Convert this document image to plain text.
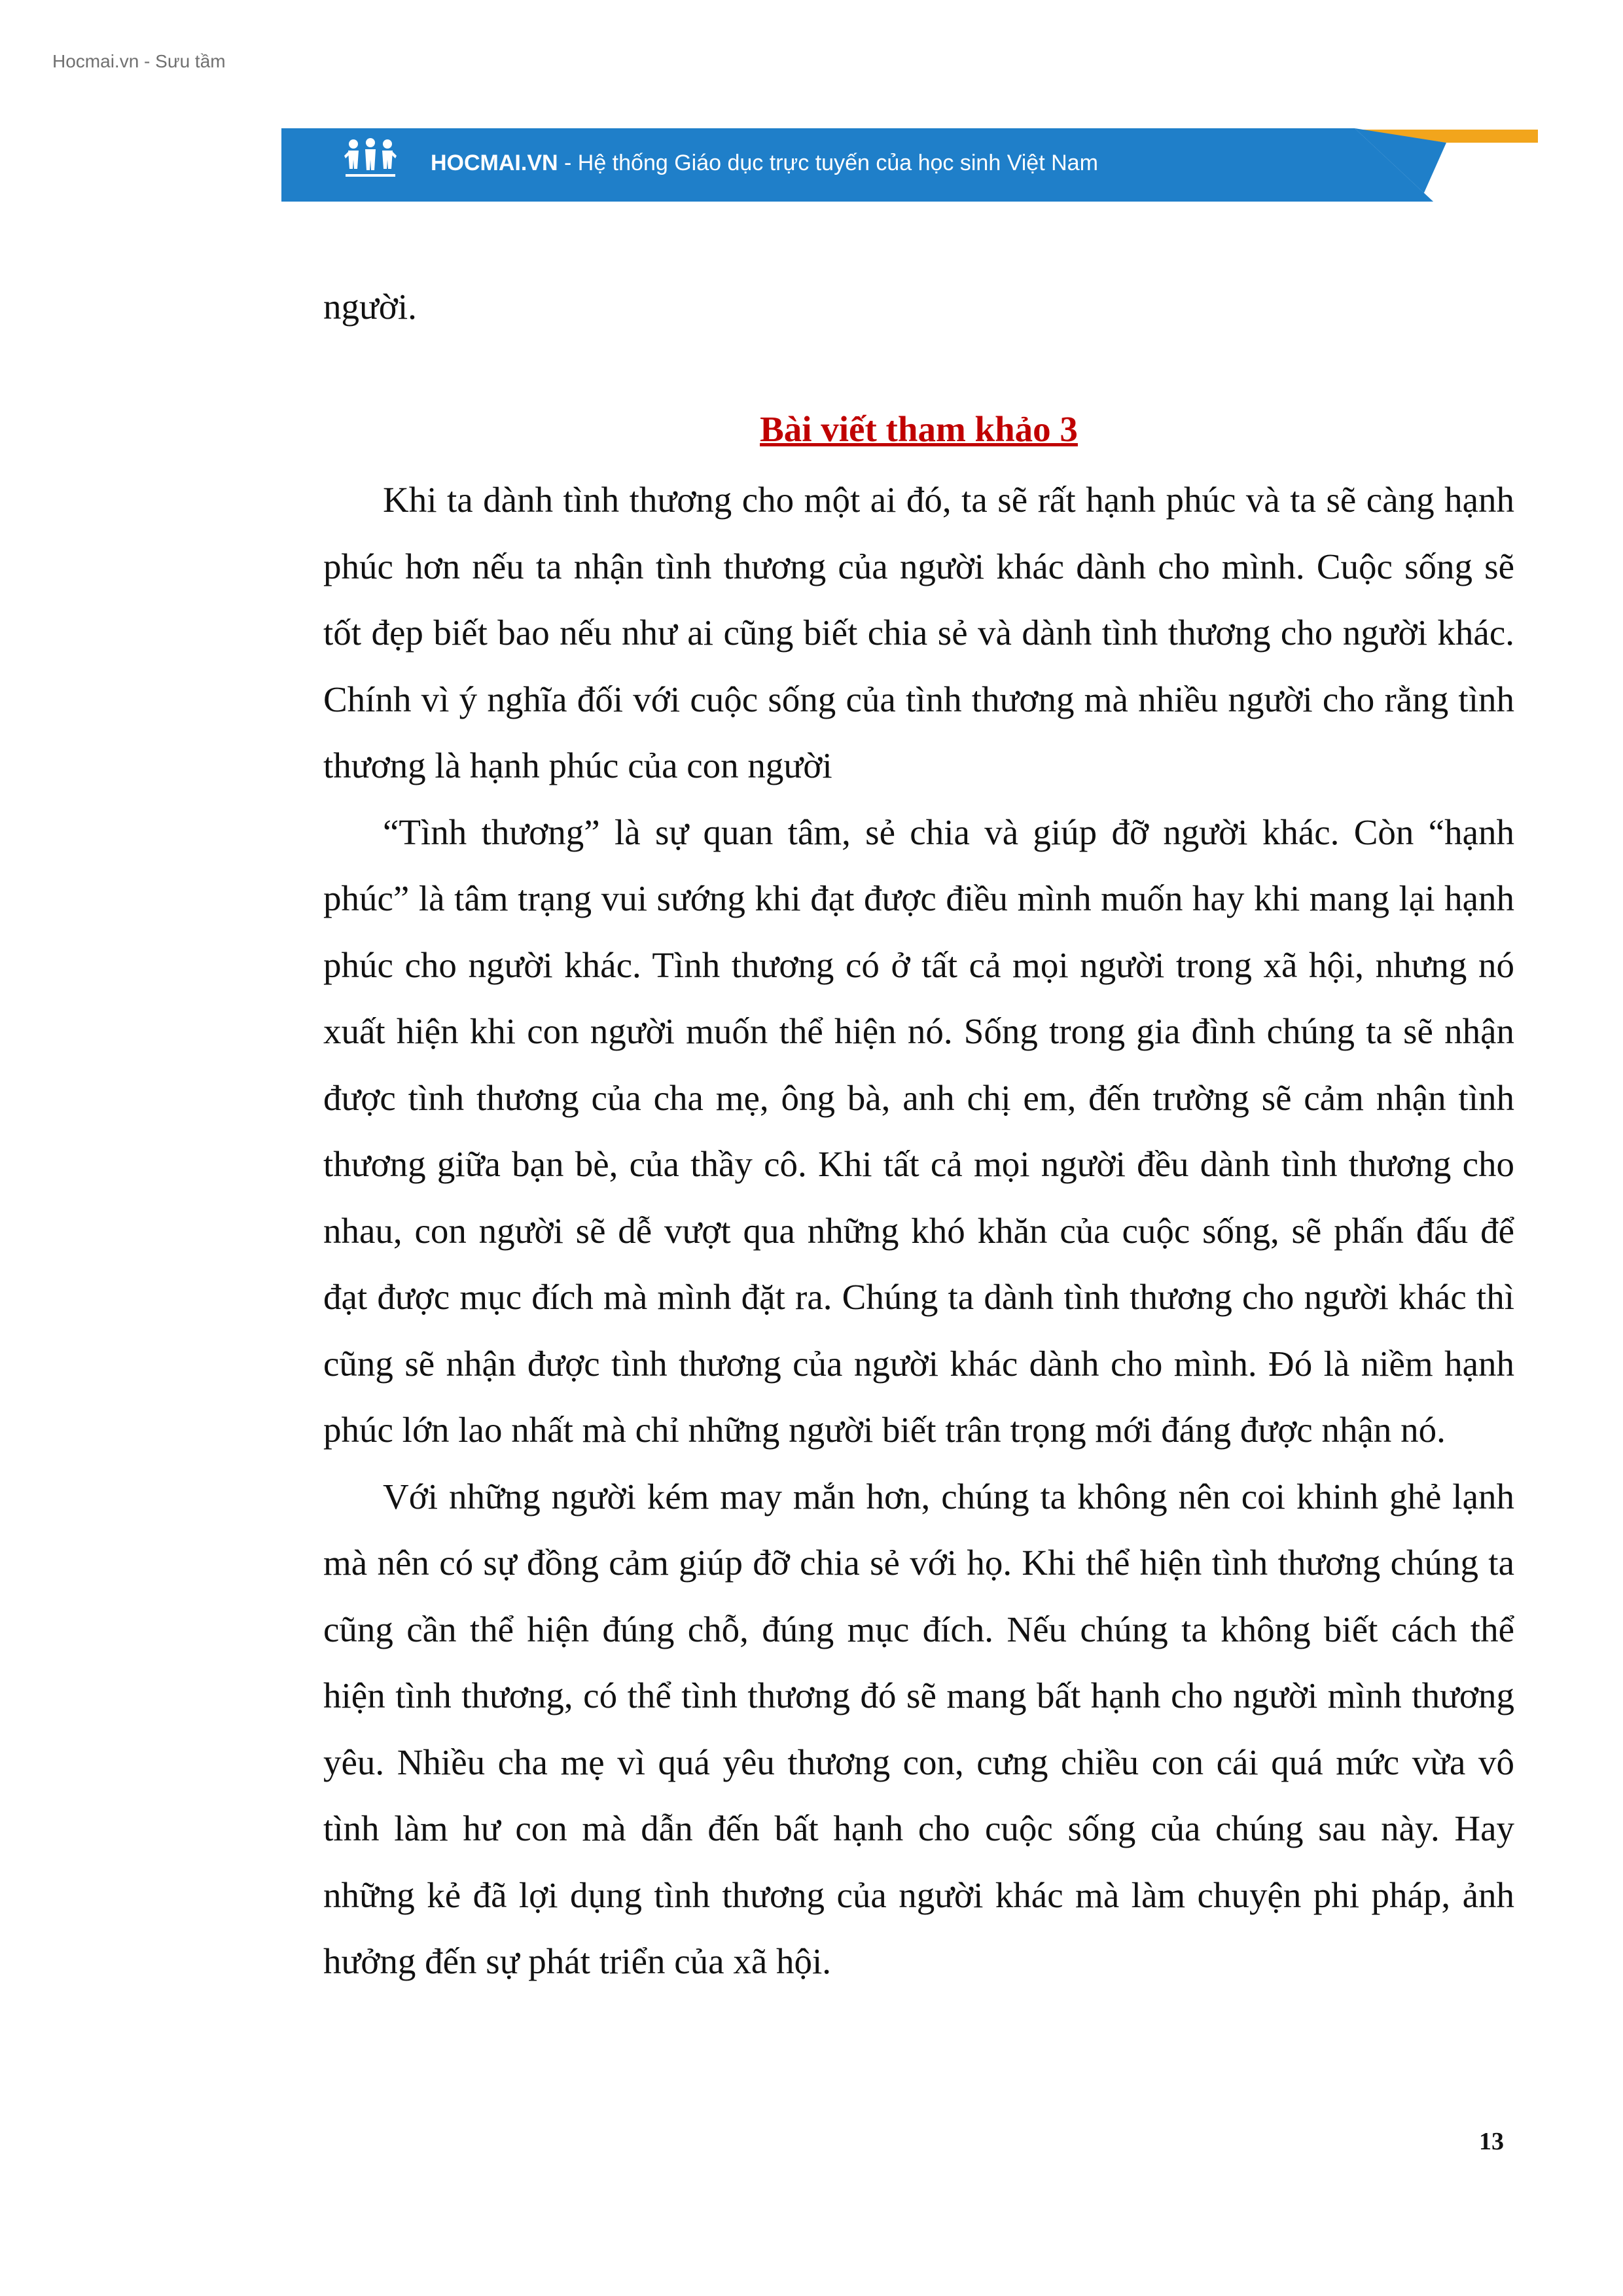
Hocmai.vn - Sưu tầm
HOCMAI.VN - Hệ thống Giáo dục trực tuyến của học sinh Việt Nam
người.
Bài viết tham khảo 3

Khi ta dành tình thương cho một ai đó, ta sẽ rất hạnh phúc và ta sẽ càng hạnh phúc hơn nếu ta nhận tình thương của người khác dành cho mình. Cuộc sống sẽ tốt đẹp biết bao nếu như ai cũng biết chia sẻ và dành tình thương cho người khác. Chính vì ý nghĩa đối với cuộc sống của tình thương mà nhiều người cho rằng tình thương là hạnh phúc của con người

“Tình thương” là sự quan tâm, sẻ chia và giúp đỡ người khác. Còn “hạnh phúc” là tâm trạng vui sướng khi đạt được điều mình muốn hay khi mang lại hạnh phúc cho người khác. Tình thương có ở tất cả mọi người trong xã hội, nhưng nó xuất hiện khi con người muốn thể hiện nó. Sống trong gia đình chúng ta sẽ nhận được tình thương của cha mẹ, ông bà, anh chị em, đến trường sẽ cảm nhận tình thương giữa bạn bè, của thầy cô. Khi tất cả mọi người đều dành tình thương cho nhau, con người sẽ dễ vượt qua những khó khăn của cuộc sống, sẽ phấn đấu để đạt được mục đích mà mình đặt ra. Chúng ta dành tình thương cho người khác thì cũng sẽ nhận được tình thương của người khác dành cho mình. Đó là niềm hạnh phúc lớn lao nhất mà chỉ những người biết trân trọng mới đáng được nhận nó.

Với những người kém may mắn hơn, chúng ta không nên coi khinh ghẻ lạnh mà nên có sự đồng cảm giúp đỡ chia sẻ với họ. Khi thể hiện tình thương chúng ta cũng cần thể hiện đúng chỗ, đúng mục đích. Nếu chúng ta không biết cách thể hiện tình thương, có thể tình thương đó sẽ mang bất hạnh cho người mình thương yêu. Nhiều cha mẹ vì quá yêu thương con, cưng chiều con cái quá mức vừa vô tình làm hư con mà dẫn đến bất hạnh cho cuộc sống của chúng sau này. Hay những kẻ đã lợi dụng tình thương của người khác mà làm chuyện phi pháp, ảnh hưởng đến sự phát triển của xã hội.

13
